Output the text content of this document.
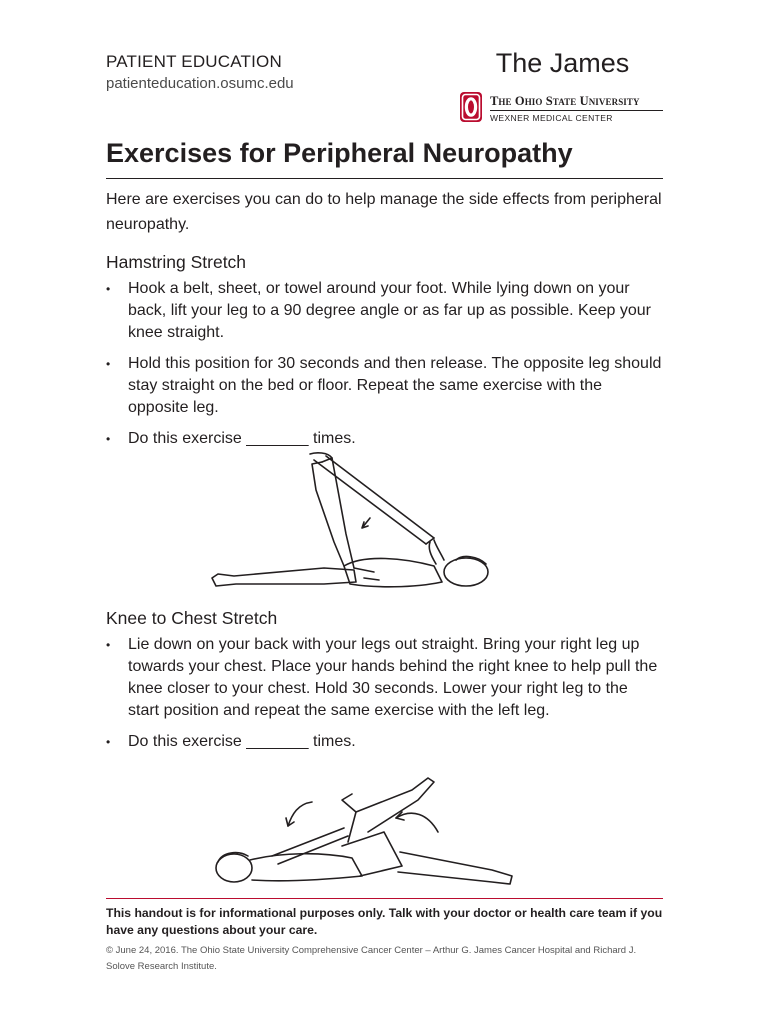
PATIENT EDUCATION
patienteducation.osumc.edu
The James
The Ohio State University
WEXNER MEDICAL CENTER
Exercises for Peripheral Neuropathy
Here are exercises you can do to help manage the side effects from peripheral neuropathy.
Hamstring Stretch
• Hook a belt, sheet, or towel around your foot. While lying down on your back, lift your leg to a 90 degree angle or as far up as possible. Keep your knee straight.
• Hold this position for 30 seconds and then release. The opposite leg should stay straight on the bed or floor. Repeat the same exercise with the opposite leg.
• Do this exercise _______ times.
Knee to Chest Stretch
• Lie down on your back with your legs out straight. Bring your right leg up towards your chest. Place your hands behind the right knee to help pull the knee closer to your chest. Hold 30 seconds. Lower your right leg to the start position and repeat the same exercise with the left leg.
• Do this exercise _______ times.
This handout is for informational purposes only. Talk with your doctor or health care team if you have any questions about your care.
© June 24, 2016. The Ohio State University Comprehensive Cancer Center – Arthur G. James Cancer Hospital and Richard J. Solove Research Institute.
